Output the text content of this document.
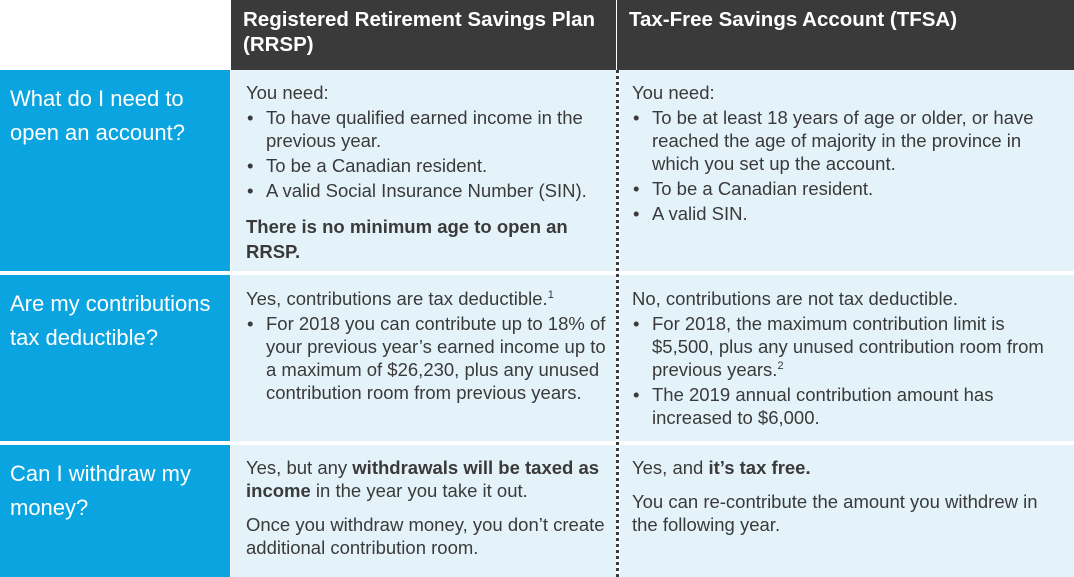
Registered Retirement Savings Plan (RRSP)
Tax-Free Savings Account (TFSA)
What do I need to open an account?

You need:

• To have qualified earned income in the previous year.
• To be a Canadian resident.
• A valid Social Insurance Number (SIN).

There is no minimum age to open an RRSP.

You need:

• To be at least 18 years of age or older, or have reached the age of majority in the province in which you set up the account.
• To be a Canadian resident.
• A valid SIN.
Are my contributions tax deductible?

Yes, contributions are tax deductible.$^1$

• For 2018 you can contribute up to 18% of your previous year’s earned income up to a maximum of $26,230, plus any unused contribution room from previous years.

No, contributions are not tax deductible.

• For 2018, the maximum contribution limit is $5,500, plus any unused contribution room from previous years.$^2$
• The 2019 annual contribution amount has increased to $6,000.
Can I withdraw my money?

Yes, but any withdrawals will be taxed as income in the year you take it out.

Once you withdraw money, you don’t create additional contribution room.

Yes, and it’s tax free.

You can re-contribute the amount you withdrew in the following year.
